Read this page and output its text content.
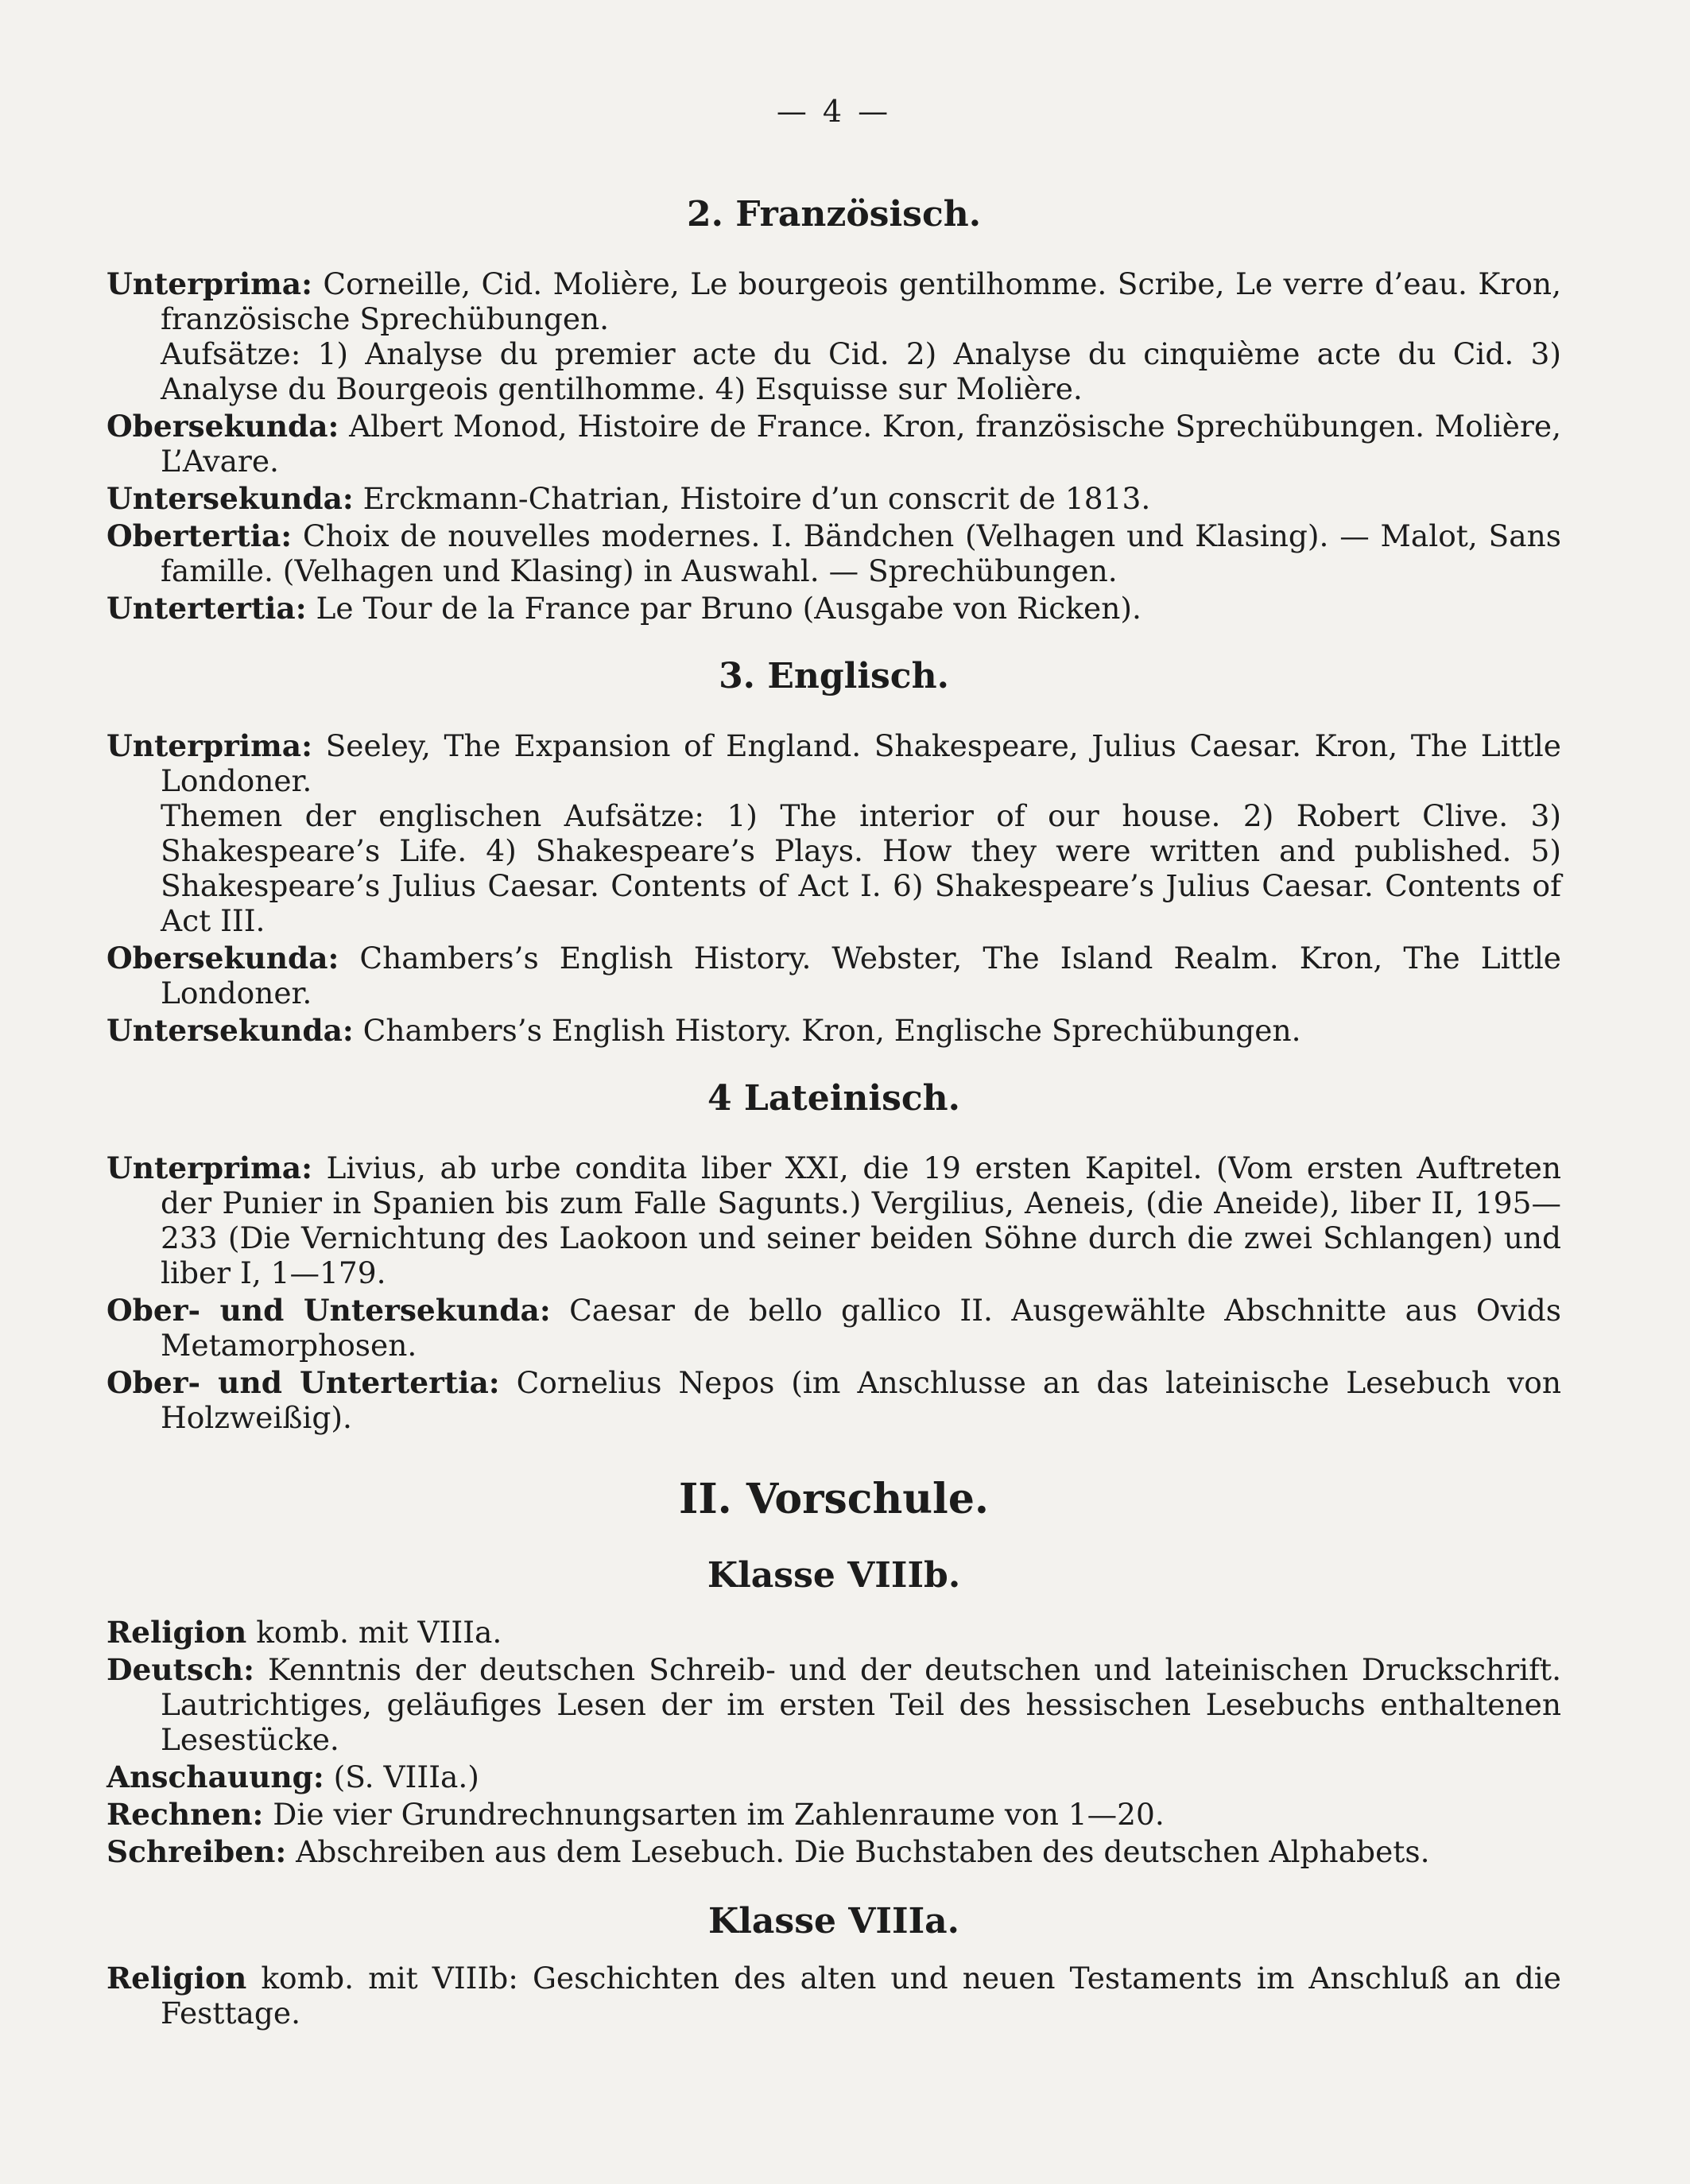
— 4 —
2. Französisch.

Unterprima: Corneille, Cid. Molière, Le bourgeois gentilhomme. Scribe, Le verre d’eau. Kron, französische Sprechübungen.
Aufsätze: 1) Analyse du premier acte du Cid. 2) Analyse du cinquième acte du Cid. 3) Analyse du Bourgeois gentilhomme. 4) Esquisse sur Molière.

Obersekunda: Albert Monod, Histoire de France. Kron, französische Sprechübungen. Molière, L’Avare.

Untersekunda: Erckmann-Chatrian, Histoire d’un conscrit de 1813.

Obertertia: Choix de nouvelles modernes. I. Bändchen (Velhagen und Klasing). — Malot, Sans famille. (Velhagen und Klasing) in Auswahl. — Sprechübungen.

Untertertia: Le Tour de la France par Bruno (Ausgabe von Ricken).

3. Englisch.

Unterprima: Seeley, The Expansion of England. Shakespeare, Julius Caesar. Kron, The Little Londoner.
Themen der englischen Aufsätze: 1) The interior of our house. 2) Robert Clive. 3) Shakespeare’s Life. 4) Shakespeare’s Plays. How they were written and published. 5) Shakespeare’s Julius Caesar. Contents of Act I. 6) Shakespeare’s Julius Caesar. Contents of Act III.

Obersekunda: Chambers’s English History. Webster, The Island Realm. Kron, The Little Londoner.

Untersekunda: Chambers’s English History. Kron, Englische Sprechübungen.

4 Lateinisch.

Unterprima: Livius, ab urbe condita liber XXI, die 19 ersten Kapitel. (Vom ersten Auftreten der Punier in Spanien bis zum Falle Sagunts.) Vergilius, Aeneis, (die Aneide), liber II, 195—233 (Die Vernichtung des Laokoon und seiner beiden Söhne durch die zwei Schlangen) und liber I, 1—179.

Ober- und Untersekunda: Caesar de bello gallico II. Ausgewählte Abschnitte aus Ovids Metamorphosen.

Ober- und Untertertia: Cornelius Nepos (im Anschlusse an das lateinische Lesebuch von Holzweißig).

II. Vorschule.
Klasse VIIIb.

Religion komb. mit VIIIa.

Deutsch: Kenntnis der deutschen Schreib- und der deutschen und lateinischen Druckschrift. Lautrichtiges, geläufiges Lesen der im ersten Teil des hessischen Lesebuchs enthaltenen Lesestücke.

Anschauung: (S. VIIIa.)

Rechnen: Die vier Grundrechnungsarten im Zahlenraume von 1—20.

Schreiben: Abschreiben aus dem Lesebuch. Die Buchstaben des deutschen Alphabets.

Klasse VIIIa.

Religion komb. mit VIIIb: Geschichten des alten und neuen Testaments im Anschluß an die Festtage.
